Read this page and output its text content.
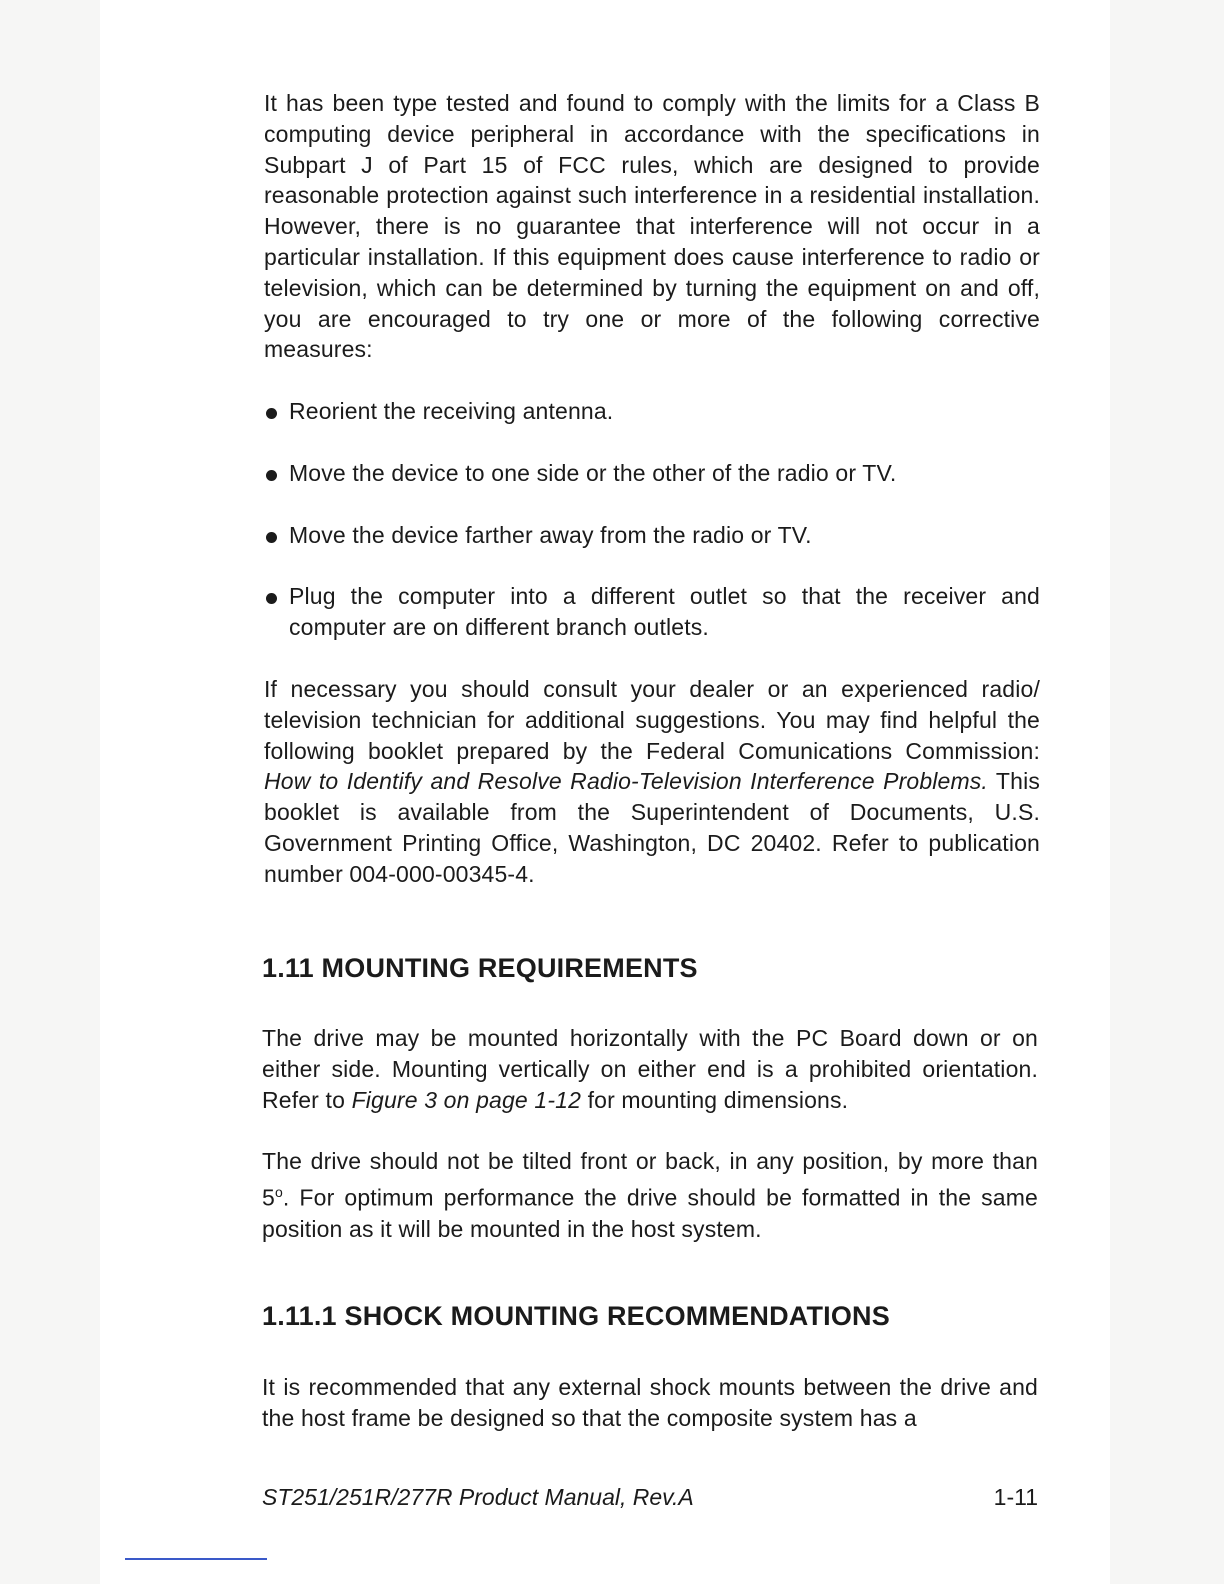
It has been type tested and found to comply with the limits for a Class B computing device peripheral in accordance with the specifications in Subpart J of Part 15 of FCC rules, which are designed to provide reasonable protection against such interference in a residential installation. However, there is no guarantee that interference will not occur in a particular installation. If this equipment does cause interference to radio or television, which can be determined by turning the equipment on and off, you are encouraged to try one or more of the following corrective measures:

Reorient the receiving antenna.

Move the device to one side or the other of the radio or TV.

Move the device farther away from the radio or TV.

Plug the computer into a different outlet so that the receiver and computer are on different branch outlets.

If necessary you should consult your dealer or an experienced radio/ television technician for additional suggestions. You may find helpful the following booklet prepared by the Federal Comunications Commission: How to Identify and Resolve Radio-Television Interference Problems. This booklet is available from the Superintendent of Documents, U.S. Government Printing Office, Washington, DC 20402. Refer to publication number 004-000-00345-4.

1.11 MOUNTING REQUIREMENTS

The drive may be mounted horizontally with the PC Board down or on either side. Mounting vertically on either end is a prohibited orientation. Refer to Figure 3 on page 1-12 for mounting dimensions.

The drive should not be tilted front or back, in any position, by more than 5$^o$. For optimum performance the drive should be formatted in the same position as it will be mounted in the host system.

1.11.1 SHOCK MOUNTING RECOMMENDATIONS

It is recommended that any external shock mounts between the drive and the host frame be designed so that the composite system has a

ST251/251R/277R Product Manual, Rev.A	1-11
